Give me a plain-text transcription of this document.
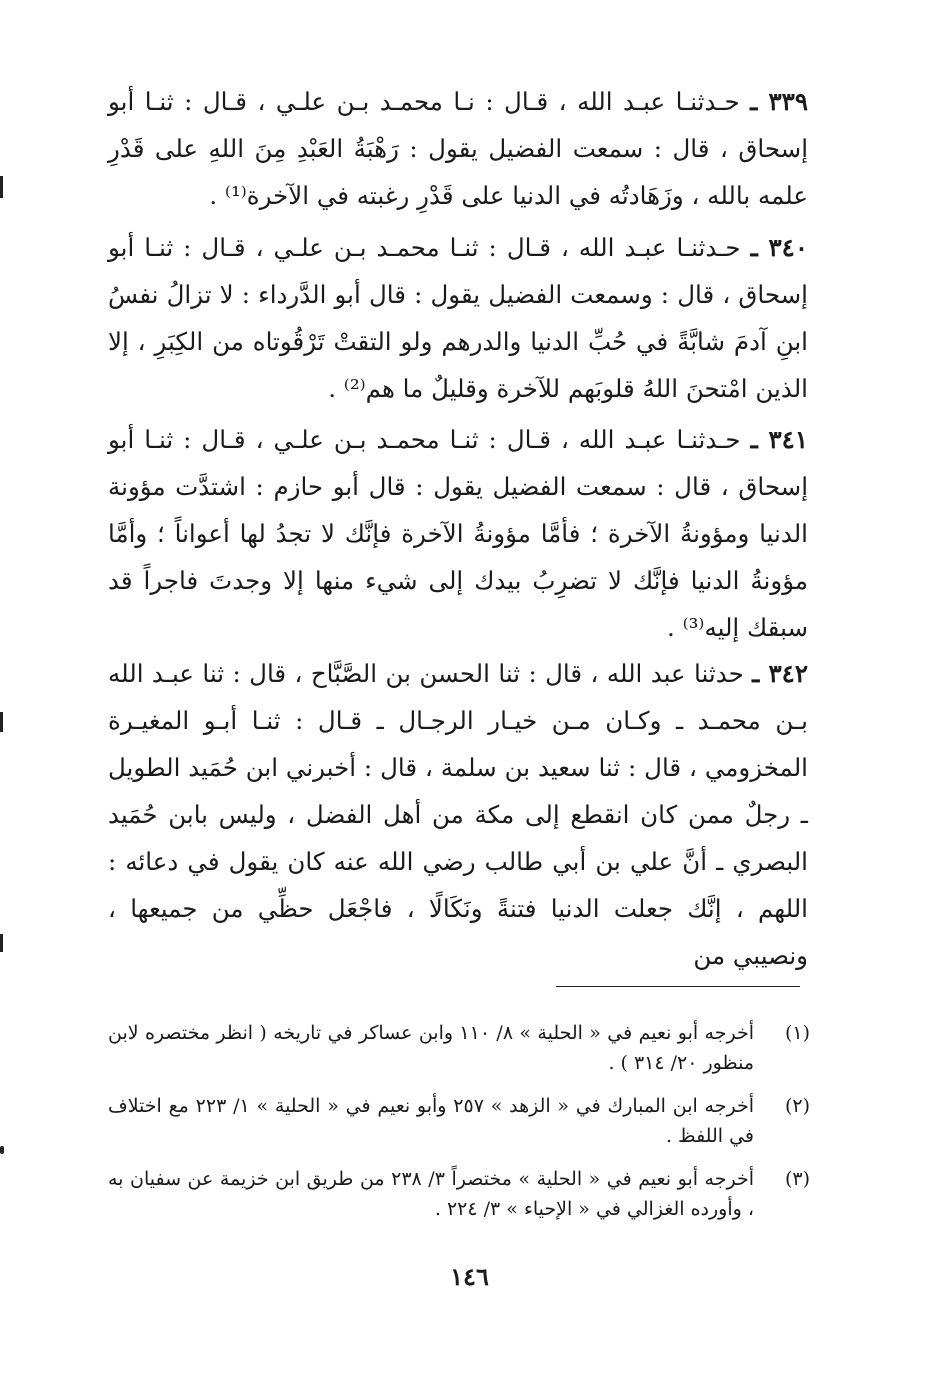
٣٣٩ ـ حـدثنـا عبـد الله ، قـال : نـا محمـد بـن علـي ، قـال : ثنـا أبو إسحاق ، قال : سمعت الفضيل يقول : رَهْبَةُ العَبْدِ مِنَ اللهِ على قَدْرِ علمه بالله ، وزَهَادتُه في الدنيا على قَدْرِ رغبته في الآخرة⁽¹⁾ .

٣٤٠ ـ حـدثنـا عبـد الله ، قـال : ثنـا محمـد بـن علـي ، قـال : ثنـا أبو إسحاق ، قال : وسمعت الفضيل يقول : قال أبو الدَّرداء : لا تزالُ نفسُ ابنِ آدمَ شابَّةً في حُبِّ الدنيا والدرهم ولو التقتْ تَرْقُوتاه من الكِبَرِ ، إلا الذين امْتحنَ اللهُ قلوبَهم للآخرة وقليلٌ ما هم⁽²⁾ .

٣٤١ ـ حـدثنـا عبـد الله ، قـال : ثنـا محمـد بـن علـي ، قـال : ثنـا أبو إسحاق ، قال : سمعت الفضيل يقول : قال أبو حازم : اشتدَّت مؤونة الدنيا ومؤونةُ الآخرة ؛ فأمَّا مؤونةُ الآخرة فإنَّك لا تجدُ لها أعواناً ؛ وأمَّا مؤونةُ الدنيا فإنَّك لا تضرِبُ بيدك إلى شيء منها إلا وجدتَ فاجراً قد سبقك إليه⁽³⁾ .

٣٤٢ ـ حدثنا عبد الله ، قال : ثنا الحسن بن الصَّبَّاح ، قال : ثنا عبـد الله بـن محمـد ـ وكـان مـن خيـار الرجـال ـ قـال : ثنـا أبـو المغيـرة المخزومي ، قال : ثنا سعيد بن سلمة ، قال : أخبرني ابن حُمَيد الطويل ـ رجلٌ ممن كان انقطع إلى مكة من أهل الفضل ، وليس بابن حُمَيد البصري ـ أنَّ علي بن أبي طالب رضي الله عنه كان يقول في دعائه : اللهم ، إنَّك جعلت الدنيا فتنةً ونَكَالًا ، فاجْعَل حظِّي من جميعها ، ونصيبي من

(١)
أخرجه أبو نعيم في « الحلية » ٨/ ١١٠ وابن عساكر في تاريخه ( انظر مختصره لابن منظور ٢٠/ ٣١٤ ) .
(٢)
أخرجه ابن المبارك في « الزهد » ٢٥٧ وأبو نعيم في « الحلية » ١/ ٢٢٣ مع اختلاف في اللفظ .
(٣)
أخرجه أبو نعيم في « الحلية » مختصراً ٣/ ٢٣٨ من طريق ابن خزيمة عن سفيان به ، وأورده الغزالي في « الإحياء » ٣/ ٢٢٤ .
١٤٦
